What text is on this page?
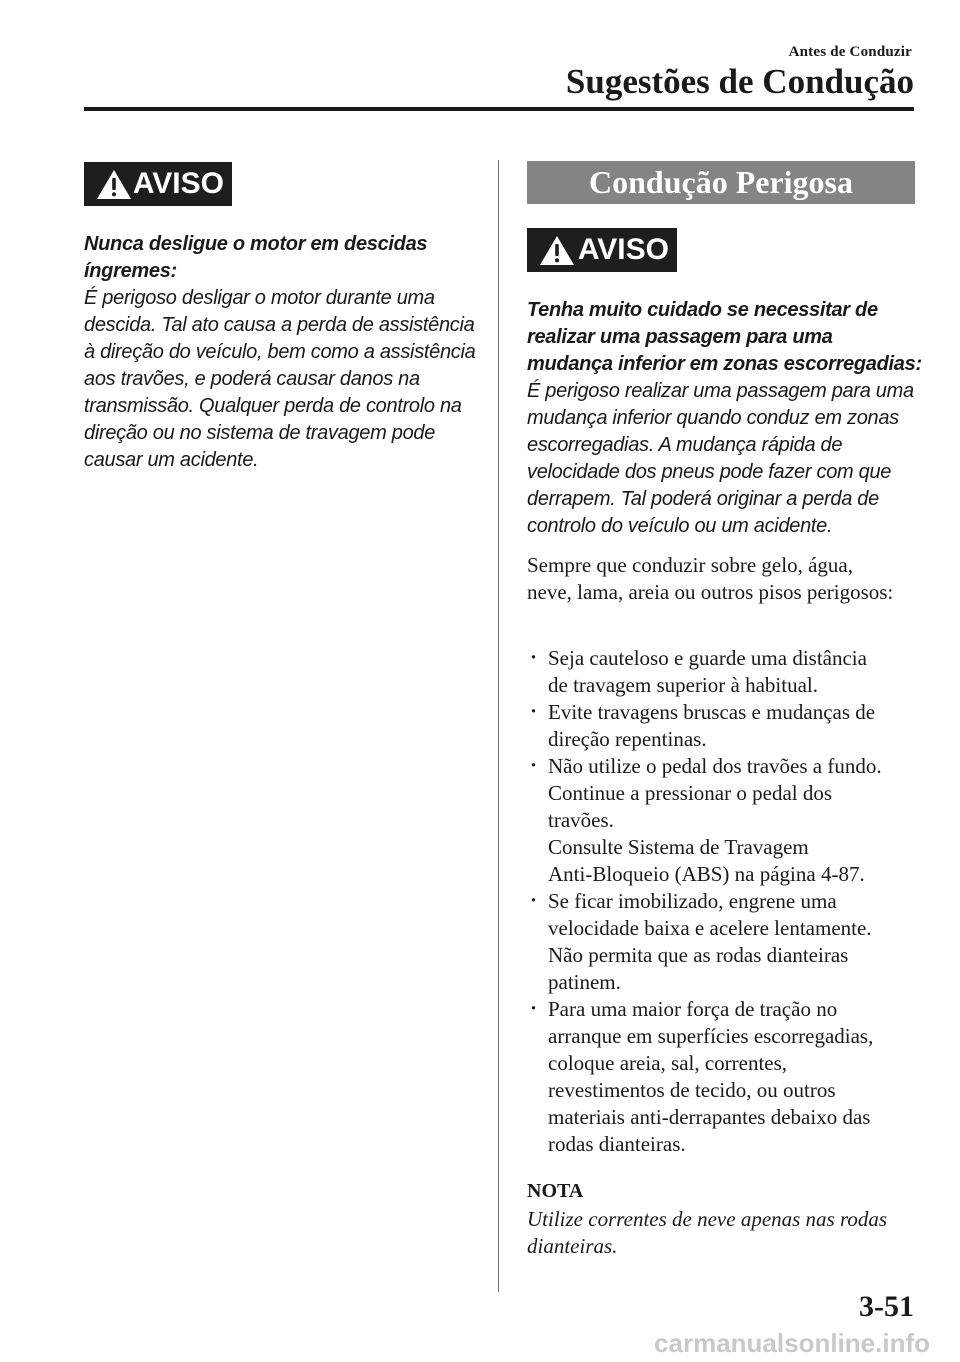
Antes de Conduzir
Sugestões de Condução
AVISO

Nunca desligue o motor em descidas

íngremes:

É perigoso desligar o motor durante uma descida. Tal ato causa a perda de assistência à direção do veículo, bem como a assistência aos travões, e poderá causar danos na transmissão. Qualquer perda de controlo na direção ou no sistema de travagem pode causar um acidente.

Condução Perigosa
AVISO

Tenha muito cuidado se necessitar de

realizar uma passagem para uma

mudança inferior em zonas escorregadias:

É perigoso realizar uma passagem para uma mudança inferior quando conduz em zonas escorregadias. A mudança rápida de velocidade dos pneus pode fazer com que derrapem. Tal poderá originar a perda de controlo do veículo ou um acidente.

Sempre que conduzir sobre gelo, água, neve, lama, areia ou outros pisos perigosos:

· Seja cauteloso e guarde uma distância
de travagem superior à habitual.
· Evite travagens bruscas e mudanças de
direção repentinas.
· Não utilize o pedal dos travões a fundo.
Continue a pressionar o pedal dos
travões.
Consulte Sistema de Travagem
Anti-Bloqueio (ABS) na página 4-87.
· Se ficar imobilizado, engrene uma
velocidade baixa e acelere lentamente.
Não permita que as rodas dianteiras
patinem.
· Para uma maior força de tração no
arranque em superfícies escorregadias,
coloque areia, sal, correntes,
revestimentos de tecido, ou outros
materiais anti-derrapantes debaixo das
rodas dianteiras.
NOTA
Utilize correntes de neve apenas nas rodas dianteiras.
3-51
carmanualsonline.info
